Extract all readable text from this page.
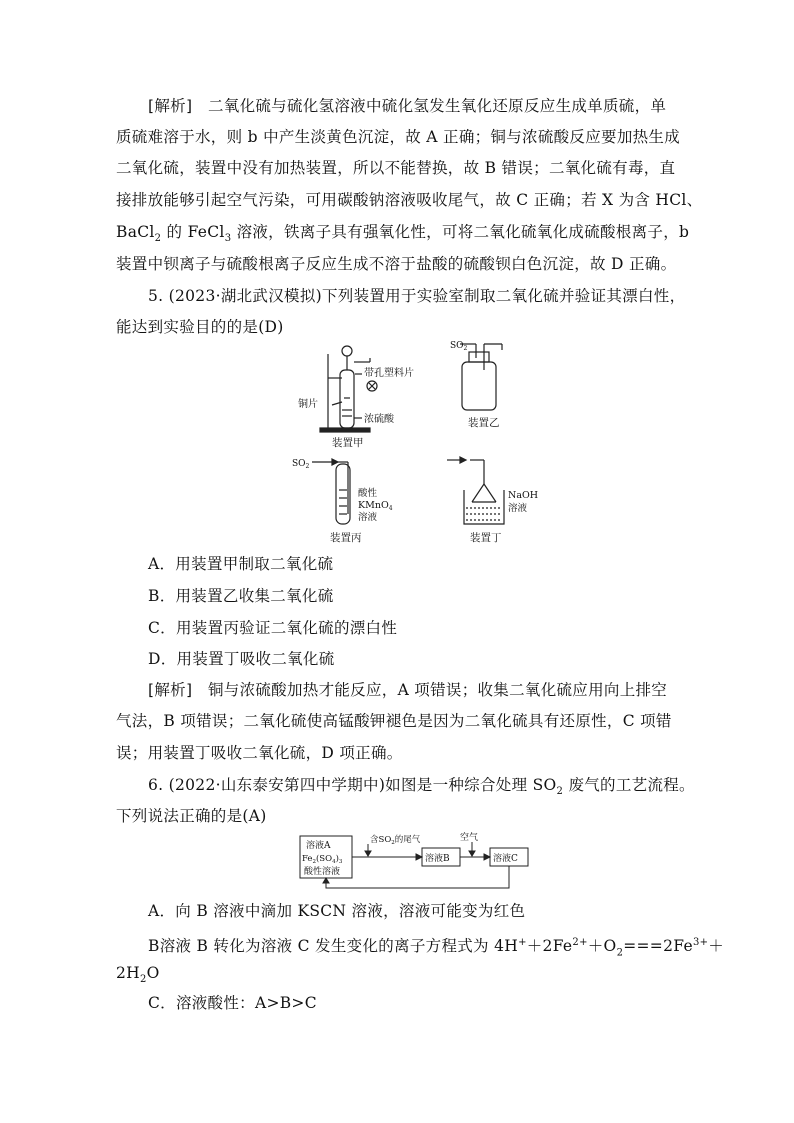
[解析] 二氧化硫与硫化氢溶液中硫化氢发生氧化还原反应生成单质硫，单
质硫难溶于水，则 b 中产生淡黄色沉淀，故 A 正确；铜与浓硫酸反应要加热生成
二氧化硫，装置中没有加热装置，所以不能替换，故 B 错误；二氧化硫有毒，直
接排放能够引起空气污染，可用碳酸钠溶液吸收尾气，故 C 正确；若 X 为含 HCl、
BaCl$_2$ 的 FeCl$_3$ 溶液，铁离子具有强氧化性，可将二氧化硫氧化成硫酸根离子，b
装置中钡离子与硫酸根离子反应生成不溶于盐酸的硫酸钡白色沉淀，故 D 正确。
5. (2023·湖北武汉模拟)下列装置用于实验室制取二氧化硫并验证其漂白性，
能达到实验目的的是(D)
带孔塑料片
铜片
浓硫酸
装置甲
$SO_2$
装置乙
$SO_2$
酸性
KMnO$_4$
溶液
装置丙
NaOH
溶液
装置丁
A．用装置甲制取二氧化硫
B．用装置乙收集二氧化硫
C．用装置丙验证二氧化硫的漂白性
D．用装置丁吸收二氧化硫
[解析] 铜与浓硫酸加热才能反应，A 项错误；收集二氧化硫应用向上排空
气法，B 项错误；二氧化硫使高锰酸钾褪色是因为二氧化硫具有还原性，C 项错
误；用装置丁吸收二氧化硫，D 项正确。
6. (2022·山东泰安第四中学期中)如图是一种综合处理 $SO_2$ 废气的工艺流程。
下列说法正确的是(A)
溶液A
$Fe_2(SO_4)_3$
酸性溶液
含$SO_2$的尾气
溶液B
空气
溶液C
A．向 B 溶液中滴加 KSCN 溶液，溶液可能变为红色
B溶液 B 转化为溶液 C 发生变化的离子方程式为 $4H^++2Fe^{2+}+O_2===2Fe^{3+}+$
$2H_2O$
C．溶液酸性：A>B>C
